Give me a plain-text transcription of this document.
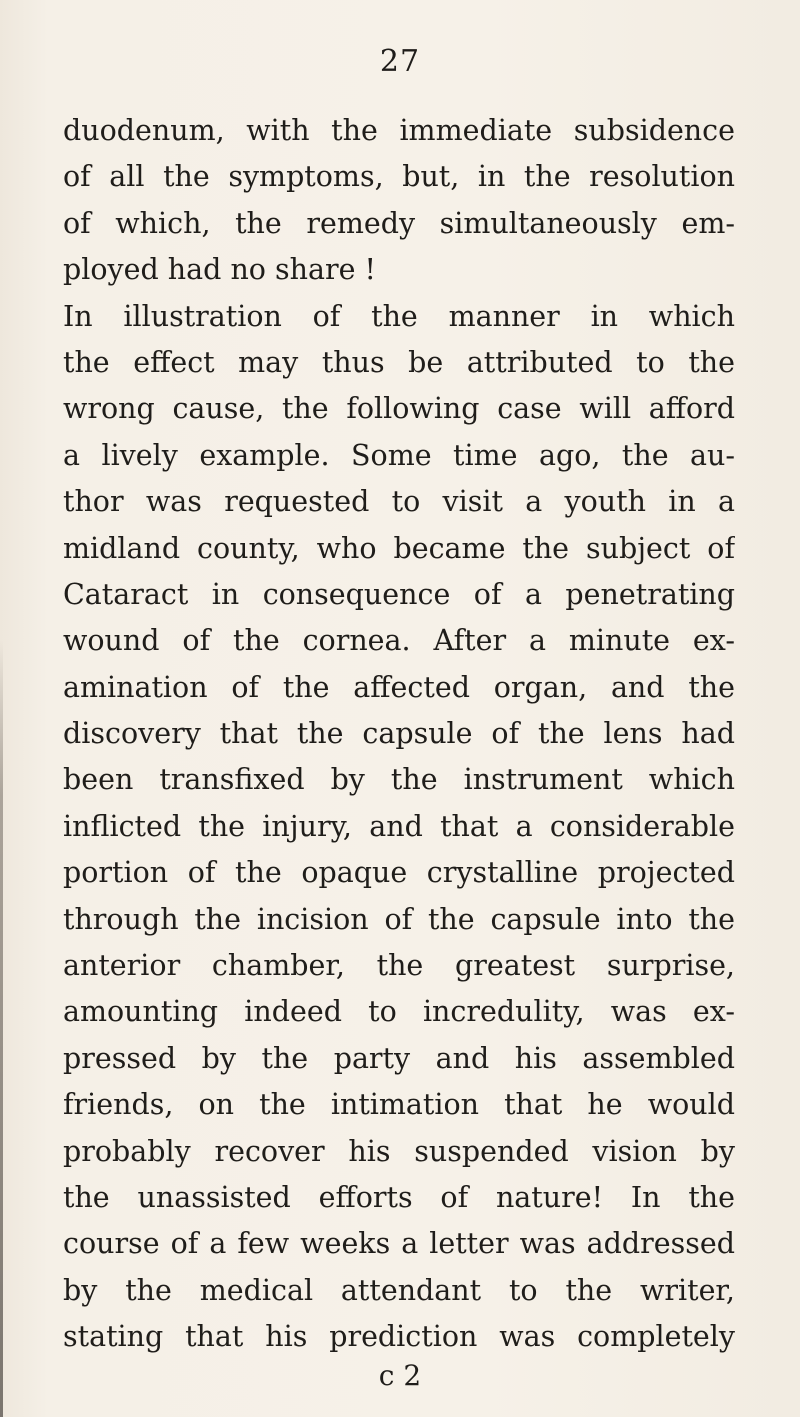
27
duodenum, with the immediate subsidence
of all the symptoms, but, in the resolution
of which, the remedy simultaneously em-
ployed had no share !
In illustration of the manner in which
the effect may thus be attributed to the
wrong cause, the following case will afford
a lively example. Some time ago, the au-
thor was requested to visit a youth in a
midland county, who became the subject of
Cataract in consequence of a penetrating
wound of the cornea. After a minute ex-
amination of the affected organ, and the
discovery that the capsule of the lens had
been transfixed by the instrument which
inflicted the injury, and that a considerable
portion of the opaque crystalline projected
through the incision of the capsule into the
anterior chamber, the greatest surprise,
amounting indeed to incredulity, was ex-
pressed by the party and his assembled
friends, on the intimation that he would
probably recover his suspended vision by
the unassisted efforts of nature! In the
course of a few weeks a letter was addressed
by the medical attendant to the writer,
stating that his prediction was completely
c 2
